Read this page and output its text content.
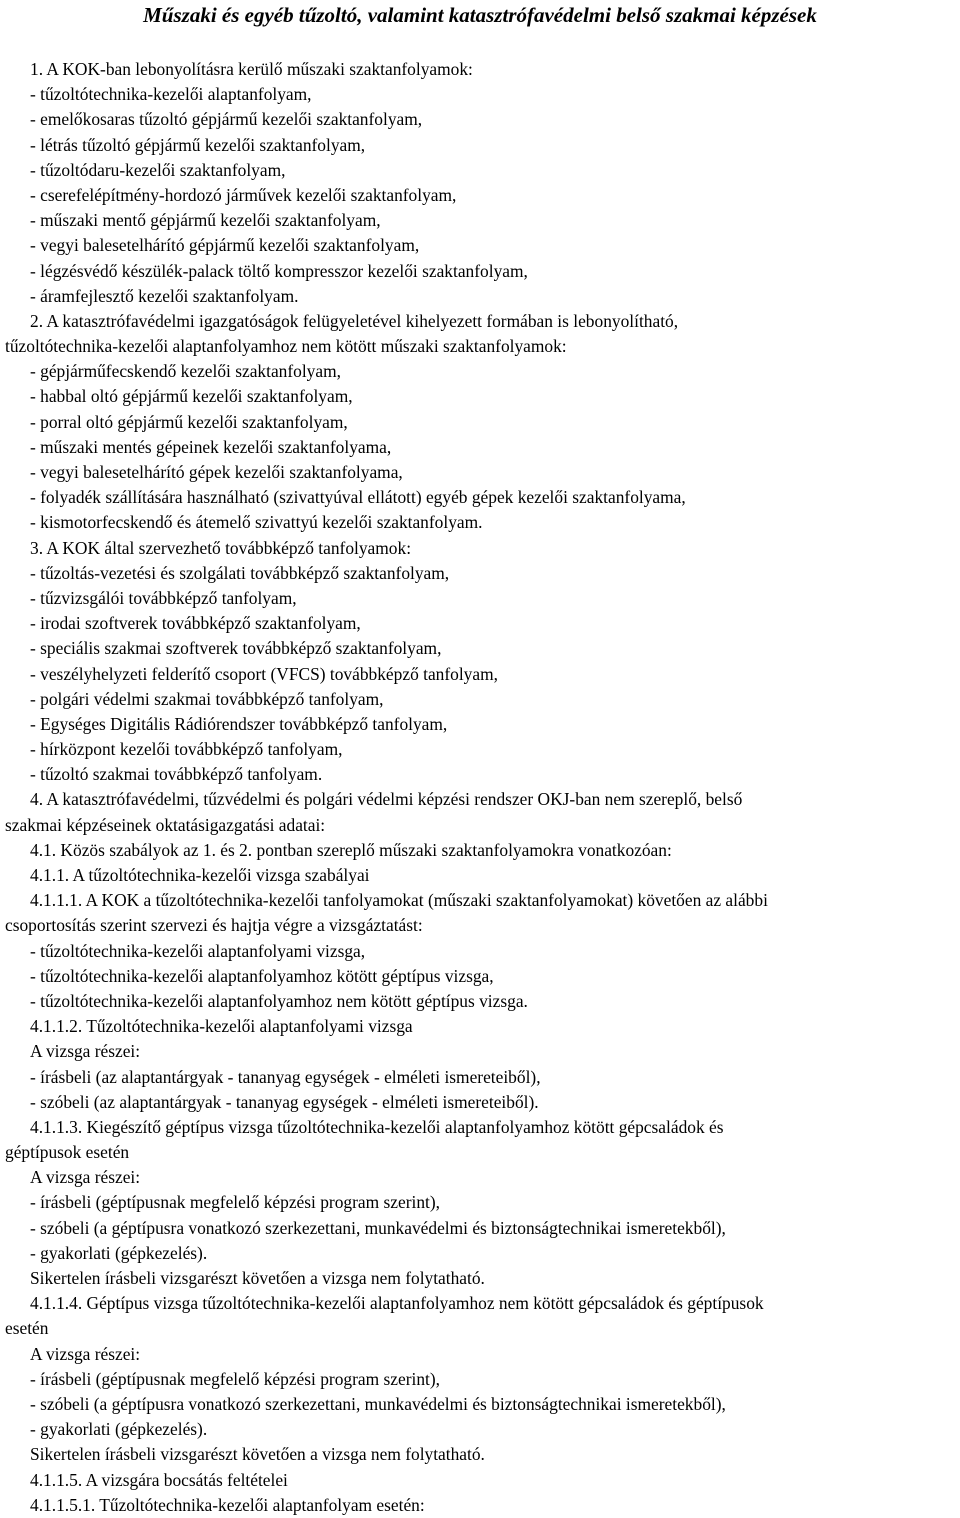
Műszaki és egyéb tűzoltó, valamint katasztrófavédelmi belső szakmai képzések
1. A KOK-ban lebonyolításra kerülő műszaki szaktanfolyamok:
- tűzoltótechnika-kezelői alaptanfolyam,
- emelőkosaras tűzoltó gépjármű kezelői szaktanfolyam,
- létrás tűzoltó gépjármű kezelői szaktanfolyam,
- tűzoltódaru-kezelői szaktanfolyam,
- cserefelépítmény-hordozó járművek kezelői szaktanfolyam,
- műszaki mentő gépjármű kezelői szaktanfolyam,
- vegyi balesetelhárító gépjármű kezelői szaktanfolyam,
- légzésvédő készülék-palack töltő kompresszor kezelői szaktanfolyam,
- áramfejlesztő kezelői szaktanfolyam.
2. A katasztrófavédelmi igazgatóságok felügyeletével kihelyezett formában is lebonyolítható,
tűzoltótechnika-kezelői alaptanfolyamhoz nem kötött műszaki szaktanfolyamok:
- gépjárműfecskendő kezelői szaktanfolyam,
- habbal oltó gépjármű kezelői szaktanfolyam,
- porral oltó gépjármű kezelői szaktanfolyam,
- műszaki mentés gépeinek kezelői szaktanfolyama,
- vegyi balesetelhárító gépek kezelői szaktanfolyama,
- folyadék szállítására használható (szivattyúval ellátott) egyéb gépek kezelői szaktanfolyama,
- kismotorfecskendő és átemelő szivattyú kezelői szaktanfolyam.
3. A KOK által szervezhető továbbképző tanfolyamok:
- tűzoltás-vezetési és szolgálati továbbképző szaktanfolyam,
- tűzvizsgálói továbbképző tanfolyam,
- irodai szoftverek továbbképző szaktanfolyam,
- speciális szakmai szoftverek továbbképző szaktanfolyam,
- veszélyhelyzeti felderítő csoport (VFCS) továbbképző tanfolyam,
- polgári védelmi szakmai továbbképző tanfolyam,
- Egységes Digitális Rádiórendszer továbbképző tanfolyam,
- hírközpont kezelői továbbképző tanfolyam,
- tűzoltó szakmai továbbképző tanfolyam.
4. A katasztrófavédelmi, tűzvédelmi és polgári védelmi képzési rendszer OKJ-ban nem szereplő, belső
szakmai képzéseinek oktatásigazgatási adatai:
4.1. Közös szabályok az 1. és 2. pontban szereplő műszaki szaktanfolyamokra vonatkozóan:
4.1.1. A tűzoltótechnika-kezelői vizsga szabályai
4.1.1.1. A KOK a tűzoltótechnika-kezelői tanfolyamokat (műszaki szaktanfolyamokat) követően az alábbi
csoportosítás szerint szervezi és hajtja végre a vizsgáztatást:
- tűzoltótechnika-kezelői alaptanfolyami vizsga,
- tűzoltótechnika-kezelői alaptanfolyamhoz kötött géptípus vizsga,
- tűzoltótechnika-kezelői alaptanfolyamhoz nem kötött géptípus vizsga.
4.1.1.2. Tűzoltótechnika-kezelői alaptanfolyami vizsga
A vizsga részei:
- írásbeli (az alaptantárgyak - tananyag egységek - elméleti ismereteiből),
- szóbeli (az alaptantárgyak - tananyag egységek - elméleti ismereteiből).
4.1.1.3. Kiegészítő géptípus vizsga tűzoltótechnika-kezelői alaptanfolyamhoz kötött gépcsaládok és
géptípusok esetén
A vizsga részei:
- írásbeli (géptípusnak megfelelő képzési program szerint),
- szóbeli (a géptípusra vonatkozó szerkezettani, munkavédelmi és biztonságtechnikai ismeretekből),
- gyakorlati (gépkezelés).
Sikertelen írásbeli vizsgarészt követően a vizsga nem folytatható.
4.1.1.4. Géptípus vizsga tűzoltótechnika-kezelői alaptanfolyamhoz nem kötött gépcsaládok és géptípusok
esetén
A vizsga részei:
- írásbeli (géptípusnak megfelelő képzési program szerint),
- szóbeli (a géptípusra vonatkozó szerkezettani, munkavédelmi és biztonságtechnikai ismeretekből),
- gyakorlati (gépkezelés).
Sikertelen írásbeli vizsgarészt követően a vizsga nem folytatható.
4.1.1.5. A vizsgára bocsátás feltételei
4.1.1.5.1. Tűzoltótechnika-kezelői alaptanfolyam esetén:
